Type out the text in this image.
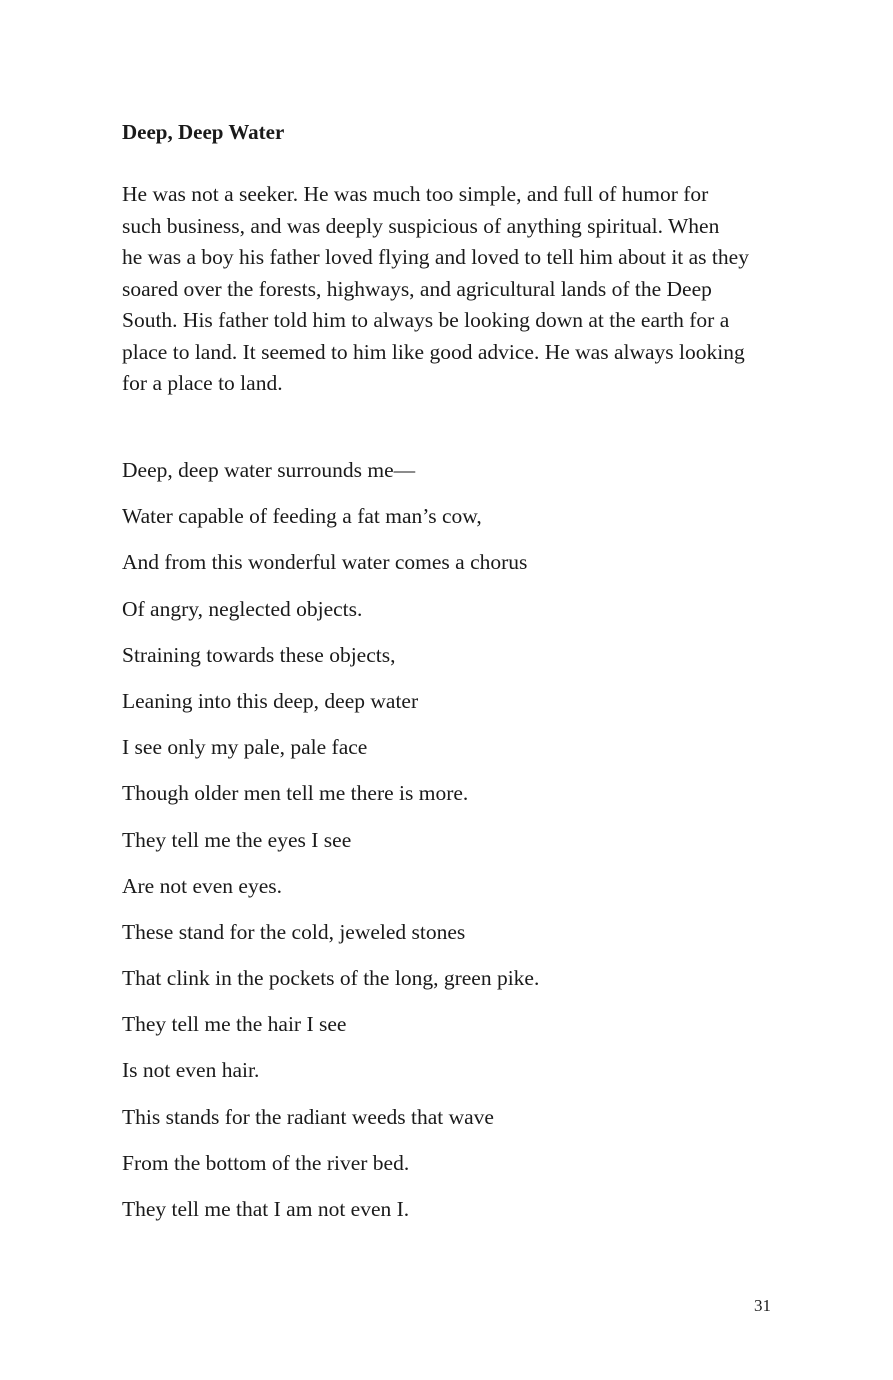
Deep, Deep Water
He was not a seeker. He was much too simple, and full of humor for
such business, and was deeply suspicious of anything spiritual. When
he was a boy his father loved flying and loved to tell him about it as they
soared over the forests, highways, and agricultural lands of the Deep
South. His father told him to always be looking down at the earth for a
place to land. It seemed to him like good advice. He was always looking
for a place to land.
Deep, deep water surrounds me—
Water capable of feeding a fat man’s cow,
And from this wonderful water comes a chorus
Of angry, neglected objects.
Straining towards these objects,
Leaning into this deep, deep water
I see only my pale, pale face
Though older men tell me there is more.
They tell me the eyes I see
Are not even eyes.
These stand for the cold, jeweled stones
That clink in the pockets of the long, green pike.
They tell me the hair I see
Is not even hair.
This stands for the radiant weeds that wave
From the bottom of the river bed.
They tell me that I am not even I.
31
